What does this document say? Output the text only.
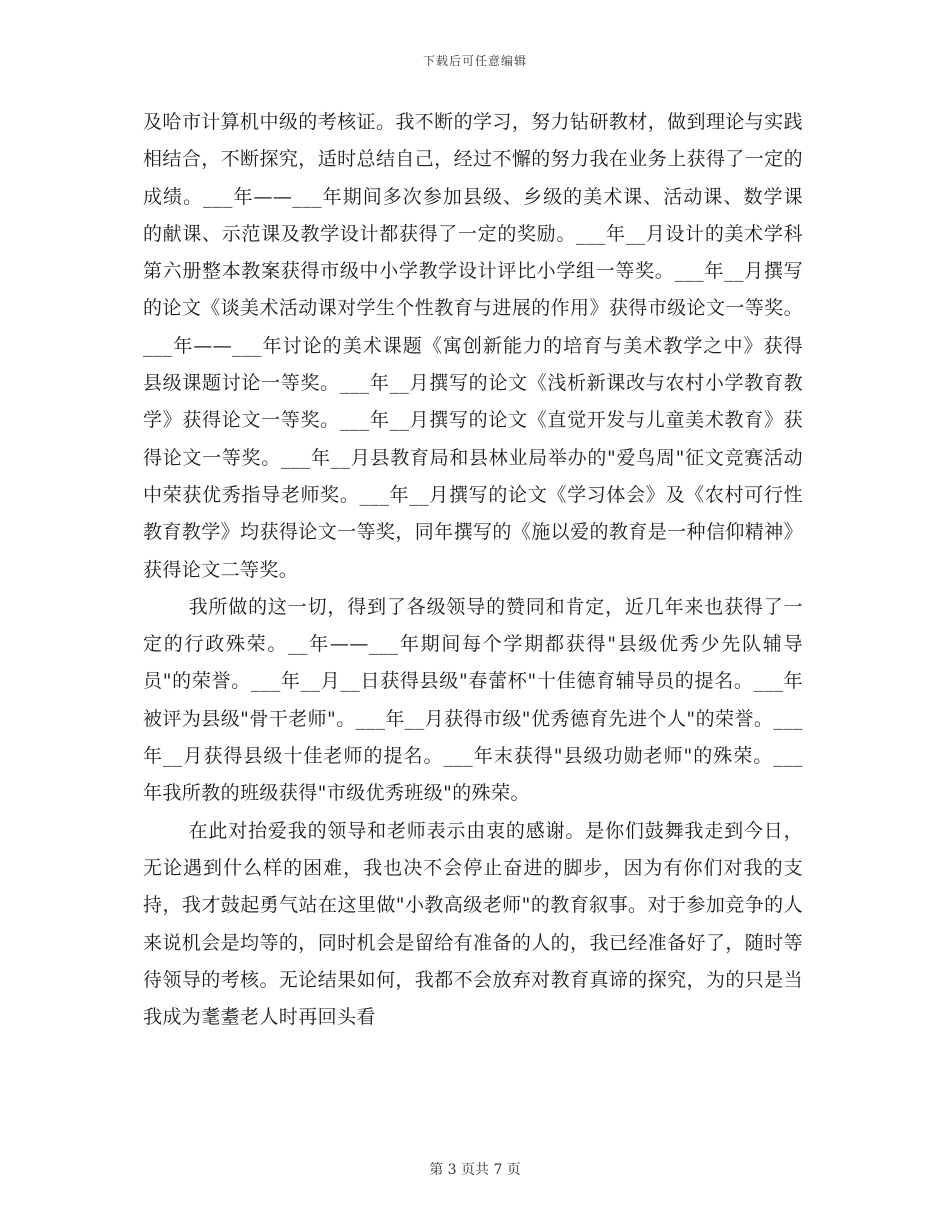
下载后可任意编辑

及哈市计算机中级的考核证。我不断的学习，努力钻研教材，做到理论与实践相结合，不断探究，适时总结自己，经过不懈的努力我在业务上获得了一定的成绩。___年——___年期间多次参加县级、乡级的美术课、活动课、数学课的献课、示范课及教学设计都获得了一定的奖励。___年__月设计的美术学科第六册整本教案获得市级中小学教学设计评比小学组一等奖。___年__月撰写的论文《谈美术活动课对学生个性教育与进展的作用》获得市级论文一等奖。___年——___年讨论的美术课题《寓创新能力的培育与美术教学之中》获得县级课题讨论一等奖。___年__月撰写的论文《浅析新课改与农村小学教育教学》获得论文一等奖。___年__月撰写的论文《直觉开发与儿童美术教育》获得论文一等奖。___年__月县教育局和县林业局举办的"爱鸟周"征文竞赛活动中荣获优秀指导老师奖。___年__月撰写的论文《学习体会》及《农村可行性教育教学》均获得论文一等奖，同年撰写的《施以爱的教育是一种信仰精神》获得论文二等奖。

我所做的这一切，得到了各级领导的赞同和肯定，近几年来也获得了一定的行政殊荣。__年——___年期间每个学期都获得"县级优秀少先队辅导员"的荣誉。___年__月__日获得县级"春蕾杯"十佳德育辅导员的提名。___年被评为县级"骨干老师"。___年__月获得市级"优秀德育先进个人"的荣誉。___年__月获得县级十佳老师的提名。___年末获得"县级功勋老师"的殊荣。___年我所教的班级获得"市级优秀班级"的殊荣。

在此对抬爱我的领导和老师表示由衷的感谢。是你们鼓舞我走到今日，无论遇到什么样的困难，我也决不会停止奋进的脚步，因为有你们对我的支持，我才鼓起勇气站在这里做"小教高级老师"的教育叙事。对于参加竞争的人来说机会是均等的，同时机会是留给有准备的人的，我已经准备好了，随时等待领导的考核。无论结果如何，我都不会放弃对教育真谛的探究，为的只是当我成为耄耋老人时再回头看

第 3 页共 7 页
